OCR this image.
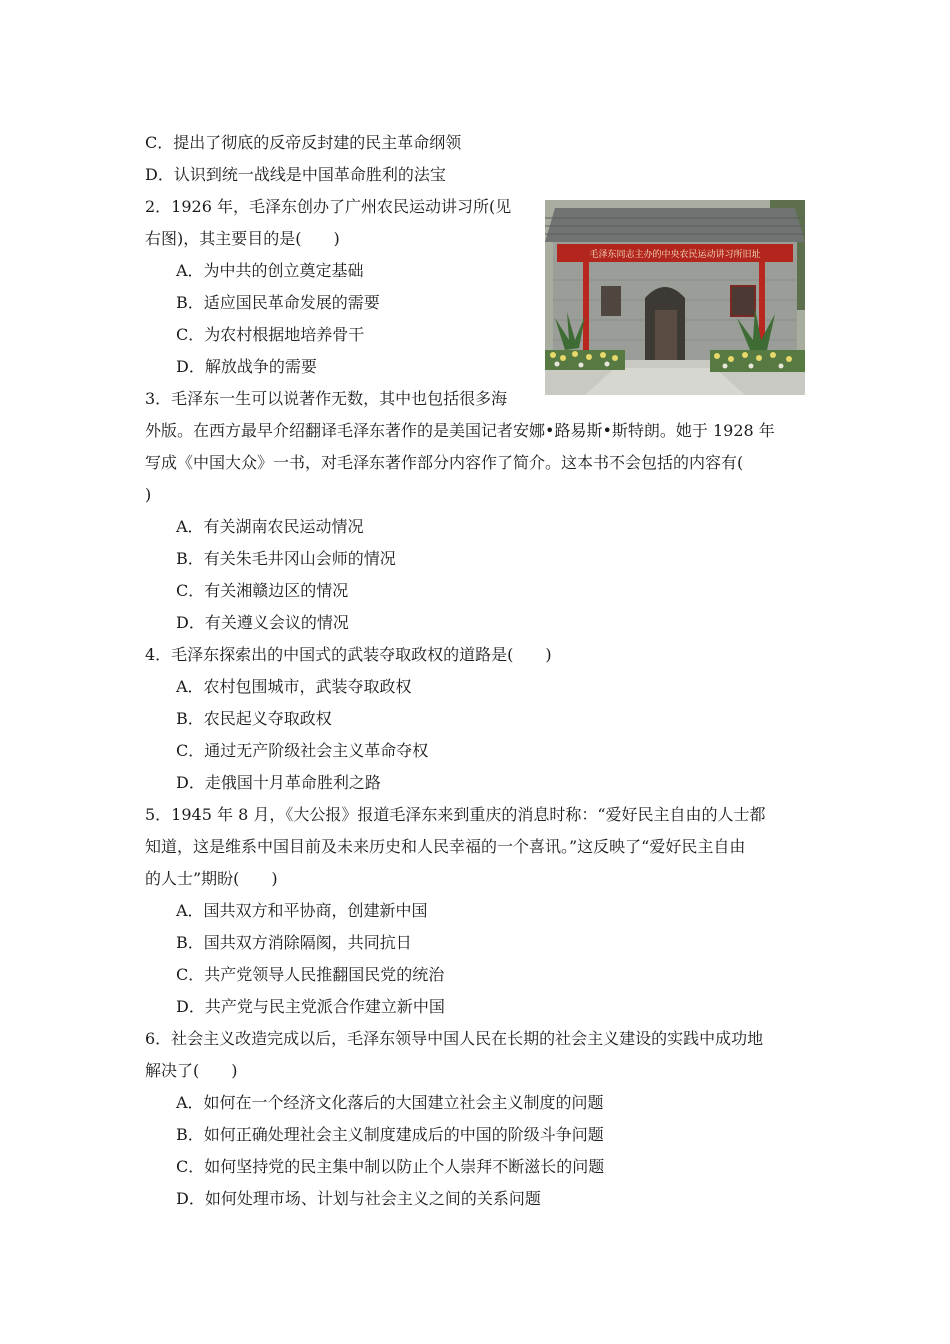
C．提出了彻底的反帝反封建的民主革命纲领
D．认识到统一战线是中国革命胜利的法宝
2．1926 年，毛泽东创办了广州农民运动讲习所(见
右图)，其主要目的是(　　)
A．为中共的创立奠定基础
B．适应国民革命发展的需要
C．为农村根据地培养骨干
D．解放战争的需要
3．毛泽东一生可以说著作无数，其中也包括很多海
外版。在西方最早介绍翻译毛泽东著作的是美国记者安娜•路易斯•斯特朗。她于 1928 年
写成《中国大众》一书，对毛泽东著作部分内容作了简介。这本书不会包括的内容有(
)
A．有关湖南农民运动情况
B．有关朱毛井冈山会师的情况
C．有关湘赣边区的情况
D．有关遵义会议的情况
4．毛泽东探索出的中国式的武装夺取政权的道路是(　　)
A．农村包围城市，武装夺取政权
B．农民起义夺取政权
C．通过无产阶级社会主义革命夺权
D．走俄国十月革命胜利之路
5．1945 年 8 月，《大公报》报道毛泽东来到重庆的消息时称：“爱好民主自由的人士都
知道，这是维系中国目前及未来历史和人民幸福的一个喜讯。”这反映了“爱好民主自由
的人士”期盼(　　)
A．国共双方和平协商，创建新中国
B．国共双方消除隔阂，共同抗日
C．共产党领导人民推翻国民党的统治
D．共产党与民主党派合作建立新中国
6．社会主义改造完成以后，毛泽东领导中国人民在长期的社会主义建设的实践中成功地
解决了(　　)
A．如何在一个经济文化落后的大国建立社会主义制度的问题
B．如何正确处理社会主义制度建成后的中国的阶级斗争问题
C．如何坚持党的民主集中制以防止个人崇拜不断滋长的问题
D．如何处理市场、计划与社会主义之间的关系问题
毛泽东同志主办的中央农民运动讲习所旧址
